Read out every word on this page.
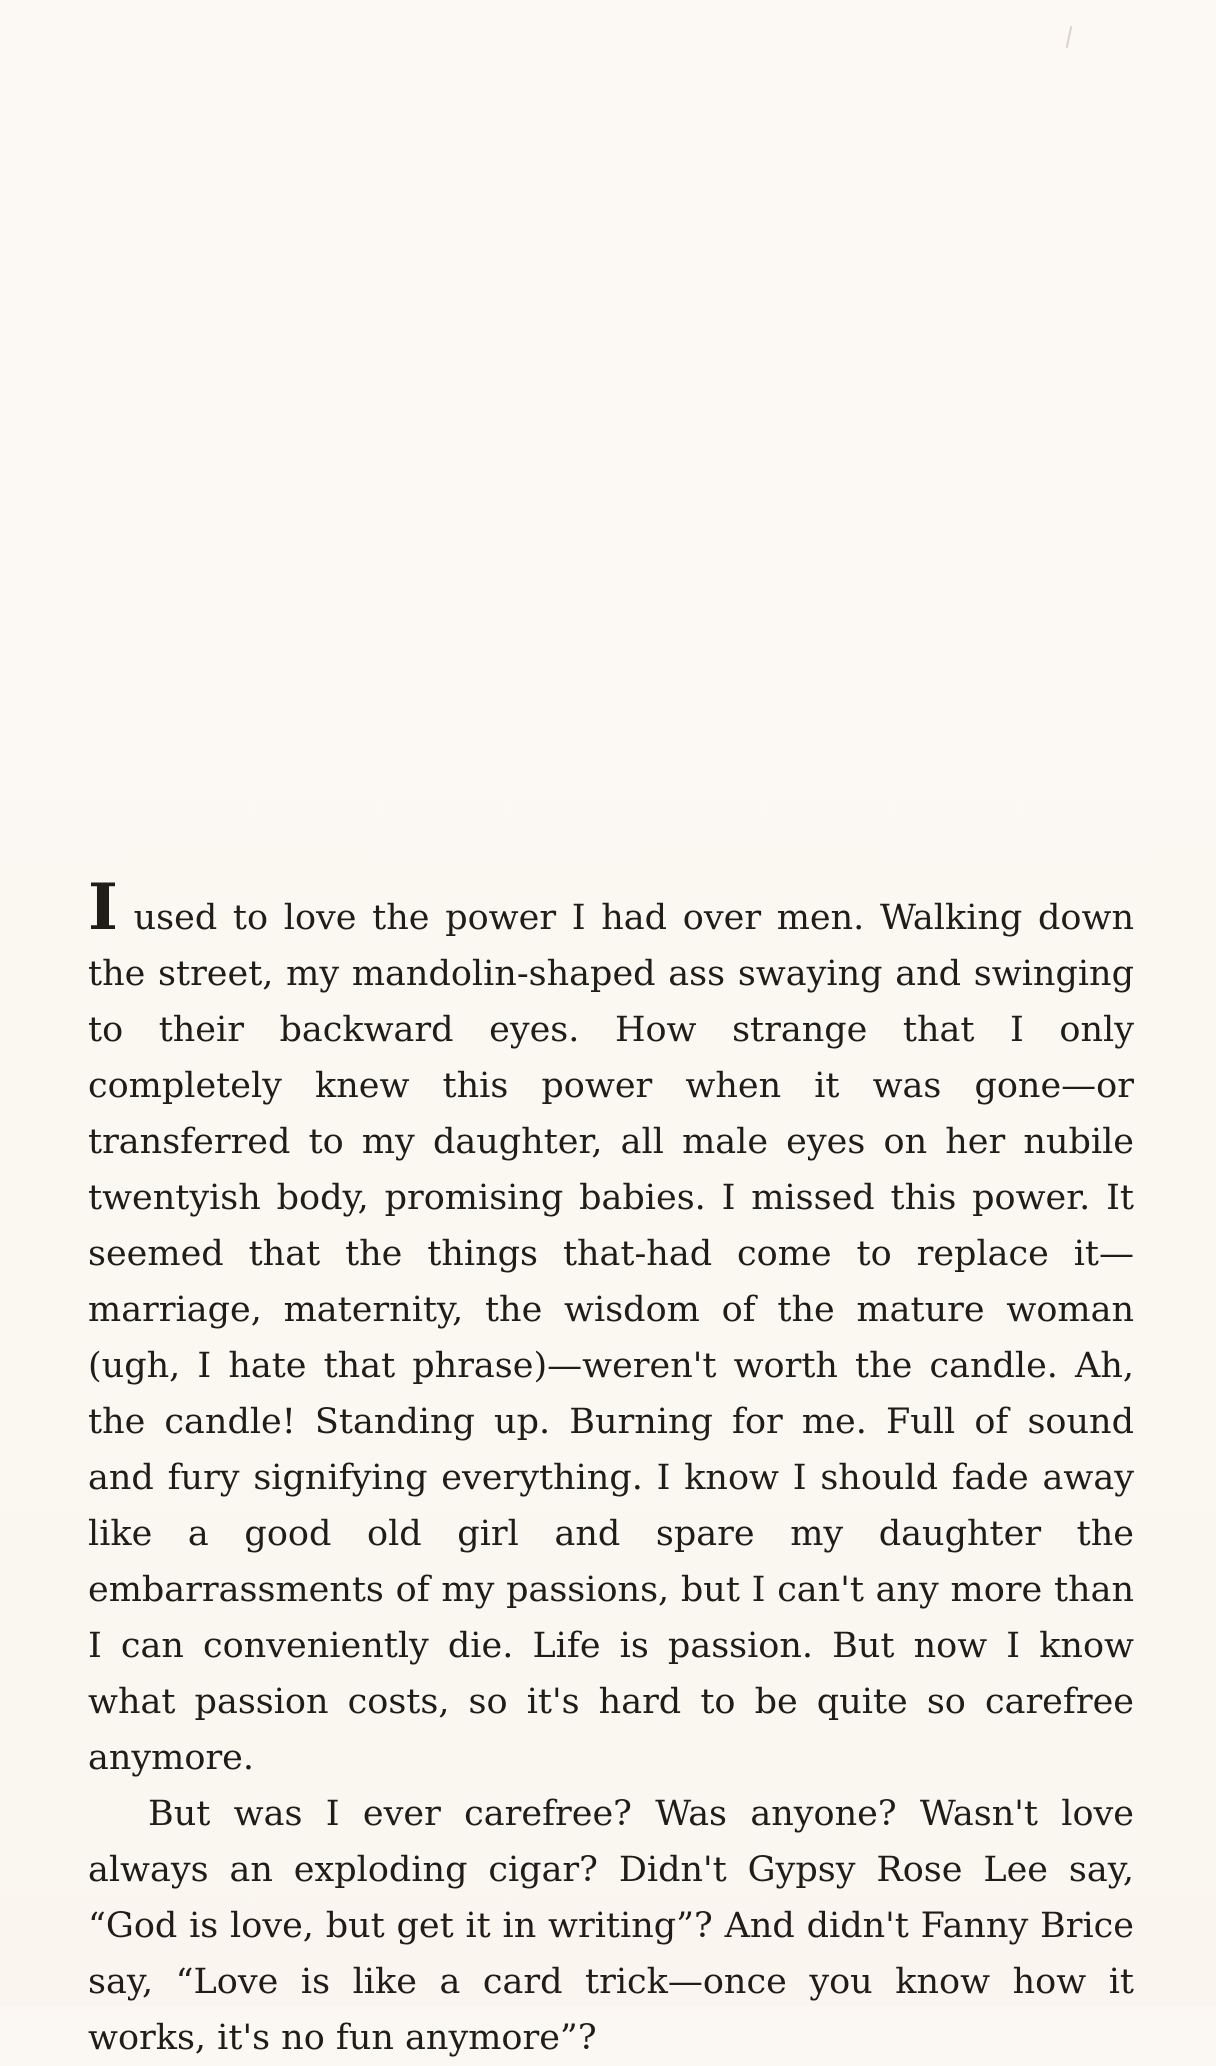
I used to love the power I had over men. Walking down the street, my mandolin-shaped ass swaying and swinging to their backward eyes. How strange that I only completely knew this power when it was gone—or transferred to my daughter, all male eyes on her nubile twentyish body, promising babies. I missed this power. It seemed that the things that-had come to replace it—marriage, maternity, the wisdom of the mature woman (ugh, I hate that phrase)—weren't worth the candle. Ah, the candle! Standing up. Burning for me. Full of sound and fury signifying everything. I know I should fade away like a good old girl and spare my daughter the embarrassments of my passions, but I can't any more than I can conveniently die. Life is passion. But now I know what passion costs, so it's hard to be quite so carefree anymore.

But was I ever carefree? Was anyone? Wasn't love always an exploding cigar? Didn't Gypsy Rose Lee say, “God is love, but get it in writing”? And didn't Fanny Brice say, “Love is like a card trick—once you know how it works, it's no fun anymore”?
